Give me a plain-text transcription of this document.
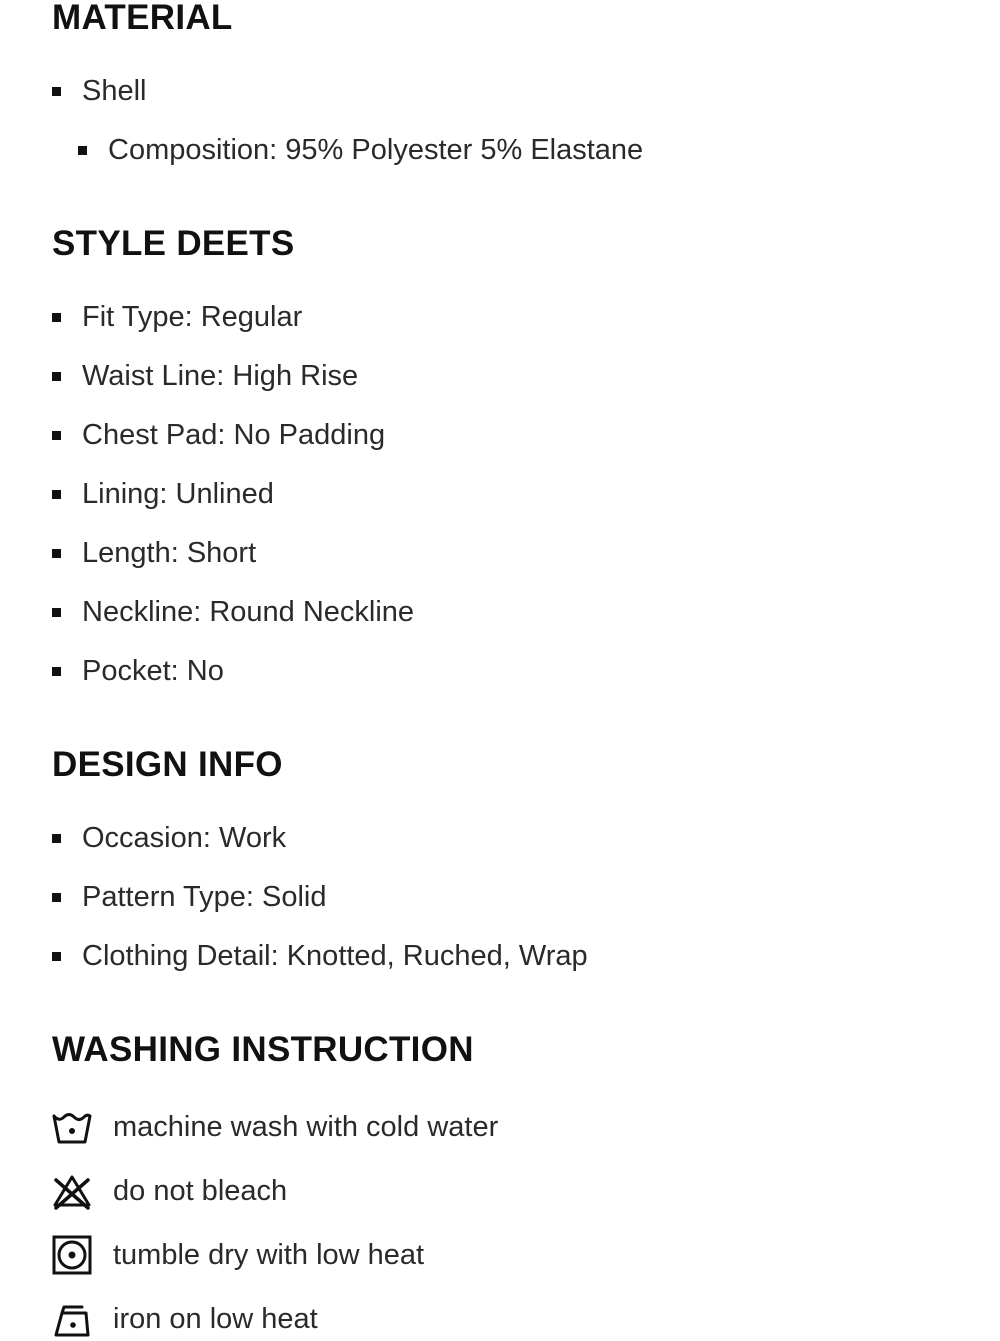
MATERIAL
Shell
Composition: 95% Polyester 5% Elastane
STYLE DEETS
Fit Type: Regular
Waist Line: High Rise
Chest Pad: No Padding
Lining: Unlined
Length: Short
Neckline: Round Neckline
Pocket: No
DESIGN INFO
Occasion: Work
Pattern Type: Solid
Clothing Detail: Knotted, Ruched, Wrap
WASHING INSTRUCTION
machine wash with cold water
do not bleach
tumble dry with low heat
iron on low heat
